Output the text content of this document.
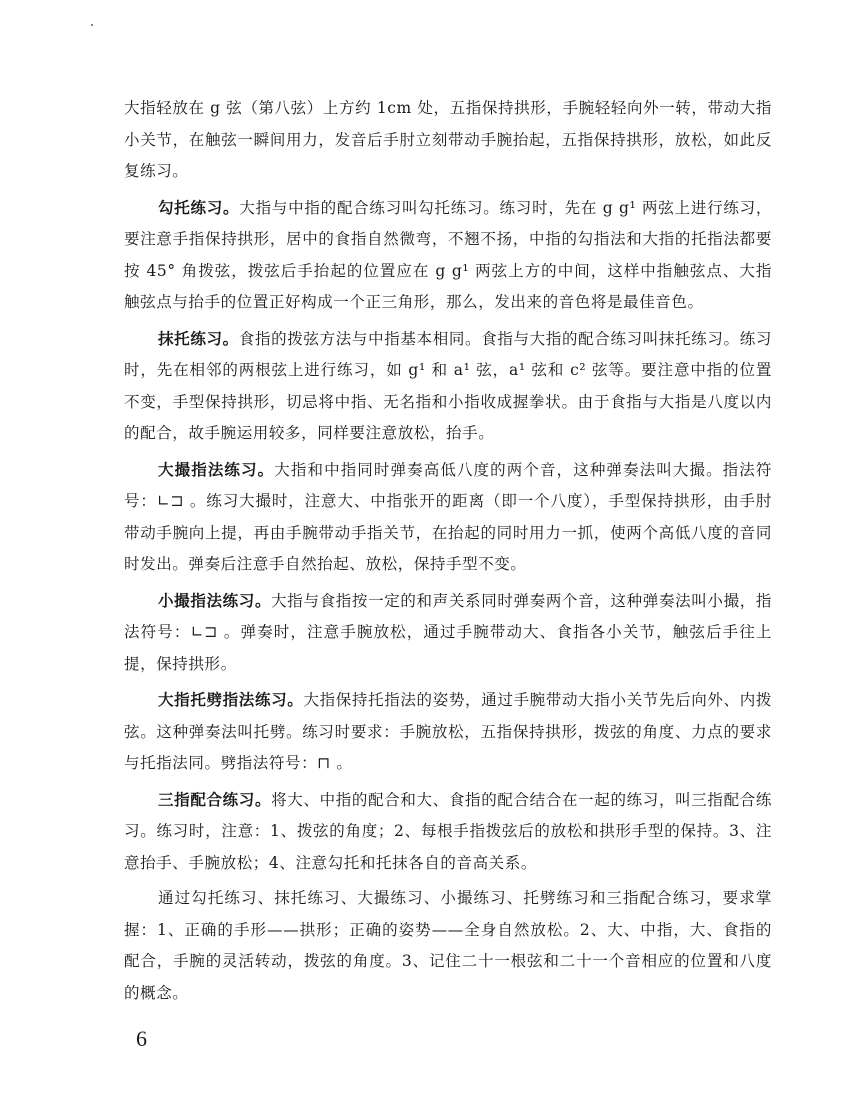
大指轻放在 g 弦（第八弦）上方约 1cm 处，五指保持拱形，手腕轻轻向外一转，带动大指小关节，在触弦一瞬间用力，发音后手肘立刻带动手腕抬起，五指保持拱形，放松，如此反复练习。

勾托练习。大指与中指的配合练习叫勾托练习。练习时，先在 g g¹ 两弦上进行练习，要注意手指保持拱形，居中的食指自然微弯，不翘不扬，中指的勾指法和大指的托指法都要按 45° 角拨弦，拨弦后手抬起的位置应在 g g¹ 两弦上方的中间，这样中指触弦点、大指触弦点与抬手的位置正好构成一个正三角形，那么，发出来的音色将是最佳音色。

抹托练习。食指的拨弦方法与中指基本相同。食指与大指的配合练习叫抹托练习。练习时，先在相邻的两根弦上进行练习，如 g¹ 和 a¹ 弦，a¹ 弦和 c² 弦等。要注意中指的位置不变，手型保持拱形，切忌将中指、无名指和小指收成握拳状。由于食指与大指是八度以内的配合，故手腕运用较多，同样要注意放松，抬手。

大撮指法练习。大指和中指同时弹奏高低八度的两个音，这种弹奏法叫大撮。指法符号：∟⊐ 。练习大撮时，注意大、中指张开的距离（即一个八度），手型保持拱形，由手肘带动手腕向上提，再由手腕带动手指关节，在抬起的同时用力一抓，使两个高低八度的音同时发出。弹奏后注意手自然抬起、放松，保持手型不变。

小撮指法练习。大指与食指按一定的和声关系同时弹奏两个音，这种弹奏法叫小撮，指法符号：∟⊐ 。弹奏时，注意手腕放松，通过手腕带动大、食指各小关节，触弦后手往上提，保持拱形。

大指托劈指法练习。大指保持托指法的姿势，通过手腕带动大指小关节先后向外、内拨弦。这种弹奏法叫托劈。练习时要求：手腕放松，五指保持拱形，拨弦的角度、力点的要求与托指法同。劈指法符号：⊓ 。

三指配合练习。将大、中指的配合和大、食指的配合结合在一起的练习，叫三指配合练习。练习时，注意：1、拨弦的角度；2、每根手指拨弦后的放松和拱形手型的保持。3、注意抬手、手腕放松；4、注意勾托和托抹各自的音高关系。

通过勾托练习、抹托练习、大撮练习、小撮练习、托劈练习和三指配合练习，要求掌握：1、正确的手形——拱形；正确的姿势——全身自然放松。2、大、中指，大、食指的配合，手腕的灵活转动，拨弦的角度。3、记住二十一根弦和二十一个音相应的位置和八度的概念。

6
